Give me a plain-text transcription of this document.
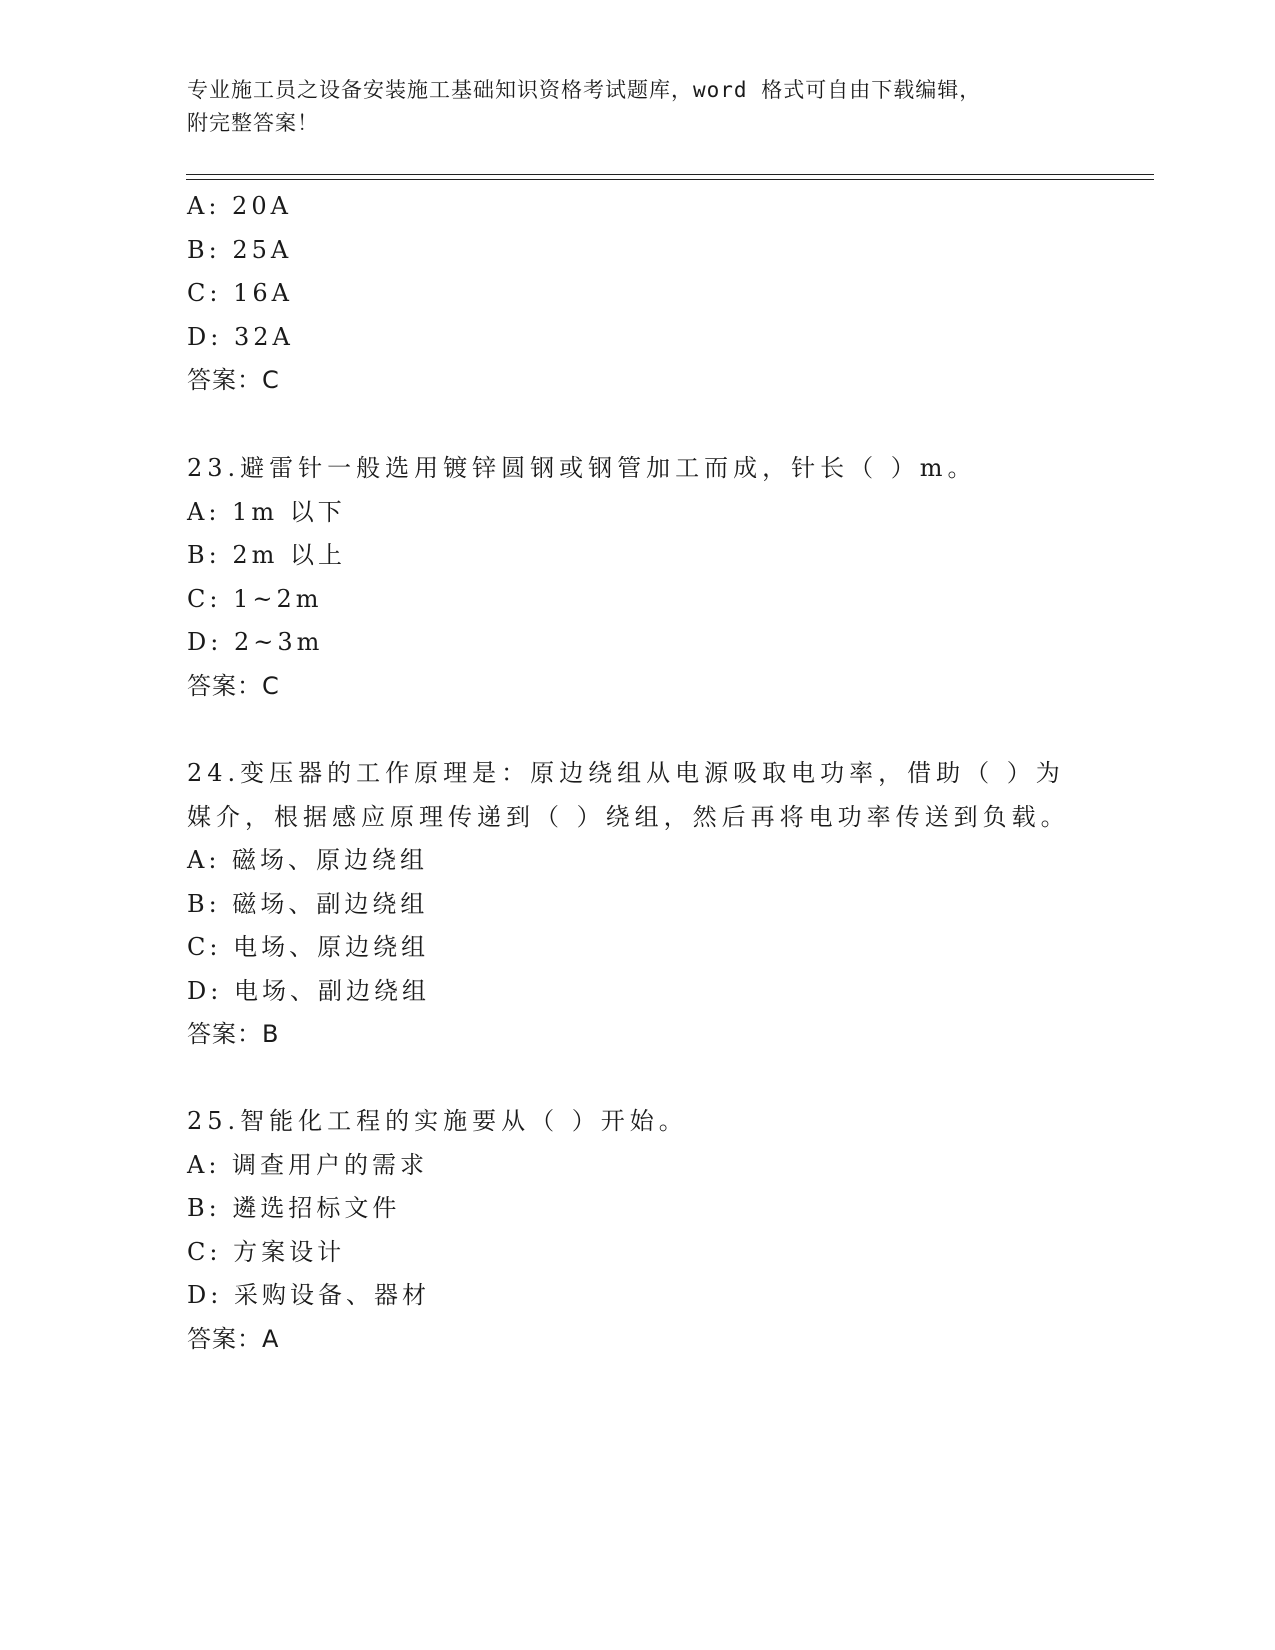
专业施工员之设备安装施工基础知识资格考试题库，word 格式可自由下载编辑，
附完整答案！
A: 20A
B: 25A
C: 16A
D: 32A
答案：C
23.避雷针一般选用镀锌圆钢或钢管加工而成，针长（ ）m。
A: 1m 以下
B: 2m 以上
C: 1~2m
D: 2~3m
答案：C
24.变压器的工作原理是：原边绕组从电源吸取电功率，借助（ ）为
媒介，根据感应原理传递到（ ）绕组，然后再将电功率传送到负载。
A: 磁场、原边绕组
B: 磁场、副边绕组
C: 电场、原边绕组
D: 电场、副边绕组
答案：B
25.智能化工程的实施要从（ ）开始。
A: 调查用户的需求
B: 遴选招标文件
C: 方案设计
D: 采购设备、器材
答案：A
